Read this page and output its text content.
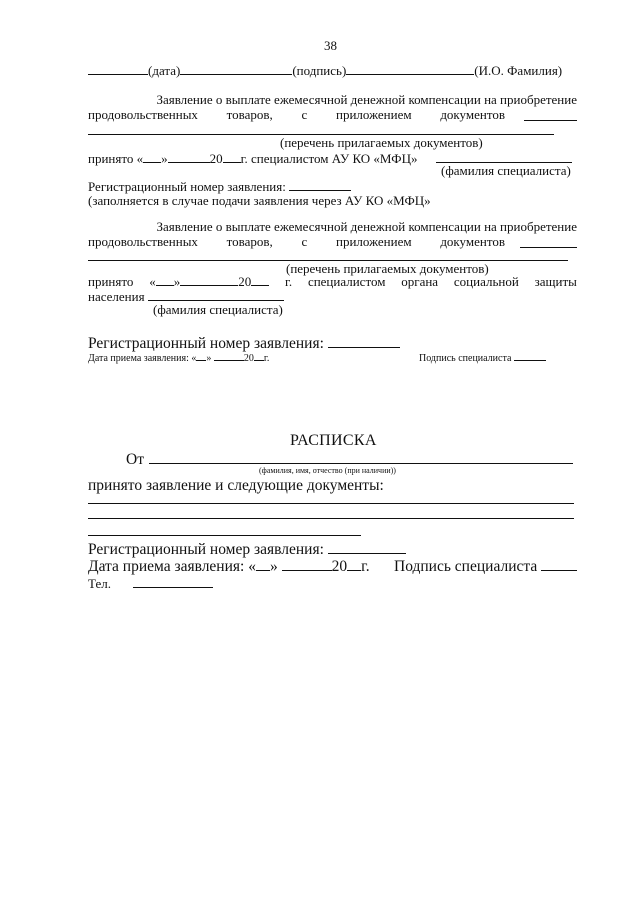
38
(дата)	(подпись)	(И.О. Фамилия)
Заявление о выплате ежемесячной денежной компенсации на приобретение
продовольственных товаров, с приложением документов
(перечень прилагаемых документов)
принято « »	20 г. специалистом АУ КО «МФЦ»
(фамилия специалиста)
Регистрационный номер заявления:
(заполняется в случае подачи заявления через АУ КО «МФЦ»
Заявление о выплате ежемесячной денежной компенсации на приобретение
продовольственных товаров, с приложением документов
(перечень прилагаемых документов)
принято « »	20	г. специалистом органа социальной защиты
населения
(фамилия специалиста)
Регистрационный номер заявления:
Дата приема заявления: « »	20 г.	Подпись специалиста
РАСПИСКА
От
(фамилия, имя, отчество (при наличии))
принято заявление и следующие документы:
Регистрационный номер заявления:
Дата приема заявления: « »	20 г. Подпись специалиста
Тел.
